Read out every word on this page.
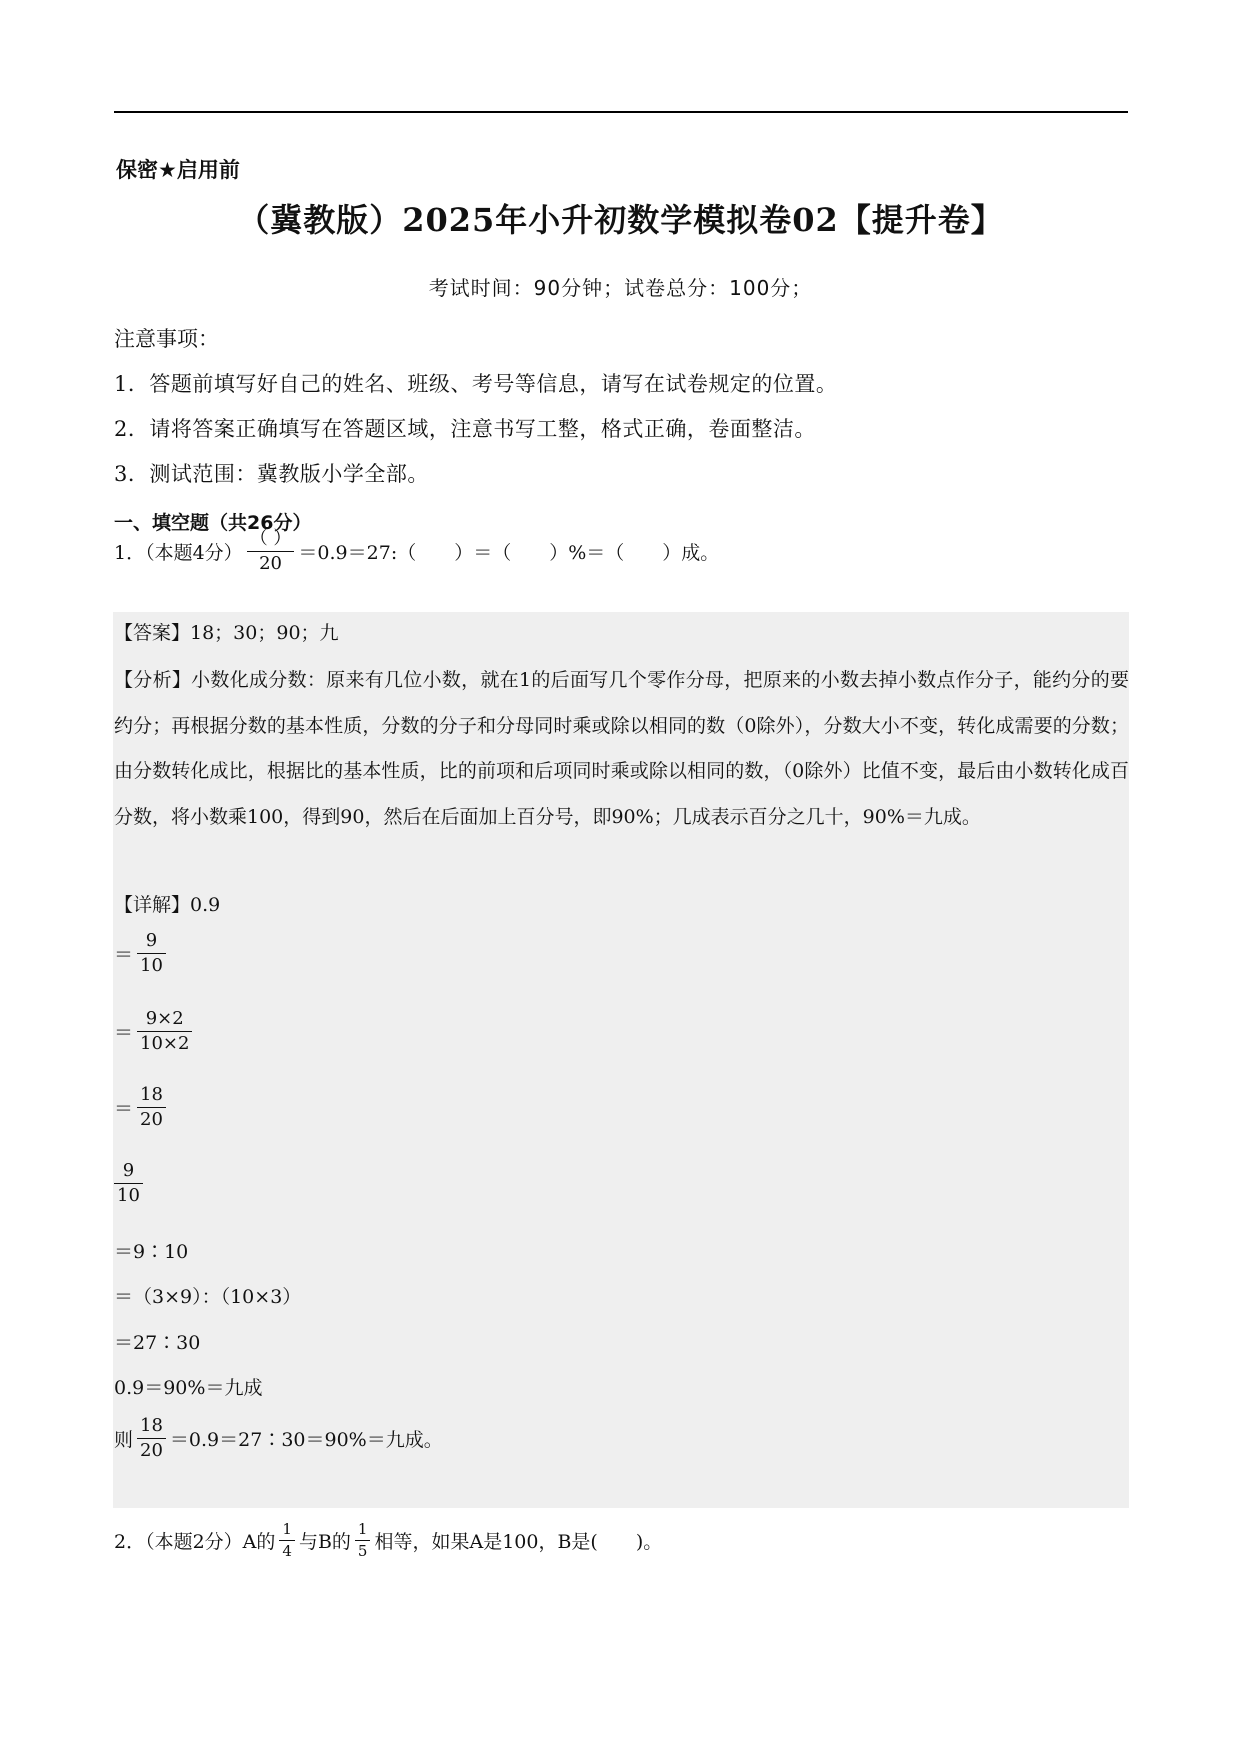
保密★启用前
（冀教版）2025年小升初数学模拟卷02【提升卷】
考试时间：90分钟；试卷总分：100分；
注意事项：
1．答题前填写好自己的姓名、班级、考号等信息，请写在试卷规定的位置。
2．请将答案正确填写在答题区域，注意书写工整，格式正确，卷面整洁。
3．测试范围：冀教版小学全部。
一、填空题（共26分）
1．（本题4分） $\frac{( )}{20}$ ＝0.9＝27:（　　）＝（　　）%＝（　　）成。
【答案】18；30；90；九
【分析】小数化成分数：原来有几位小数，就在1的后面写几个零作分母，把原来的小数去掉小数点作分子，能约分的要约分；再根据分数的基本性质，分数的分子和分母同时乘或除以相同的数（0除外），分数大小不变，转化成需要的分数；由分数转化成比，根据比的基本性质，比的前项和后项同时乘或除以相同的数，（0除外）比值不变，最后由小数转化成百分数，将小数乘100，得到90，然后在后面加上百分号，即90%；几成表示百分之几十，90%＝九成。
【详解】0.9
＝ $\frac{9}{10}$
＝ $\frac{9\times 2}{10\times 2}$
＝ $\frac{18}{20}$
$\frac{9}{10}$
＝9∶10
＝（3×9）：（10×3）
＝27∶30
0.9＝90%＝九成
则 $\frac{18}{20}$ ＝0.9＝27∶30＝90%＝九成。
2．（本题2分）A的 $\frac{1}{4}$ 与B的 $\frac{1}{5}$ 相等，如果A是100，B是(　　)。
